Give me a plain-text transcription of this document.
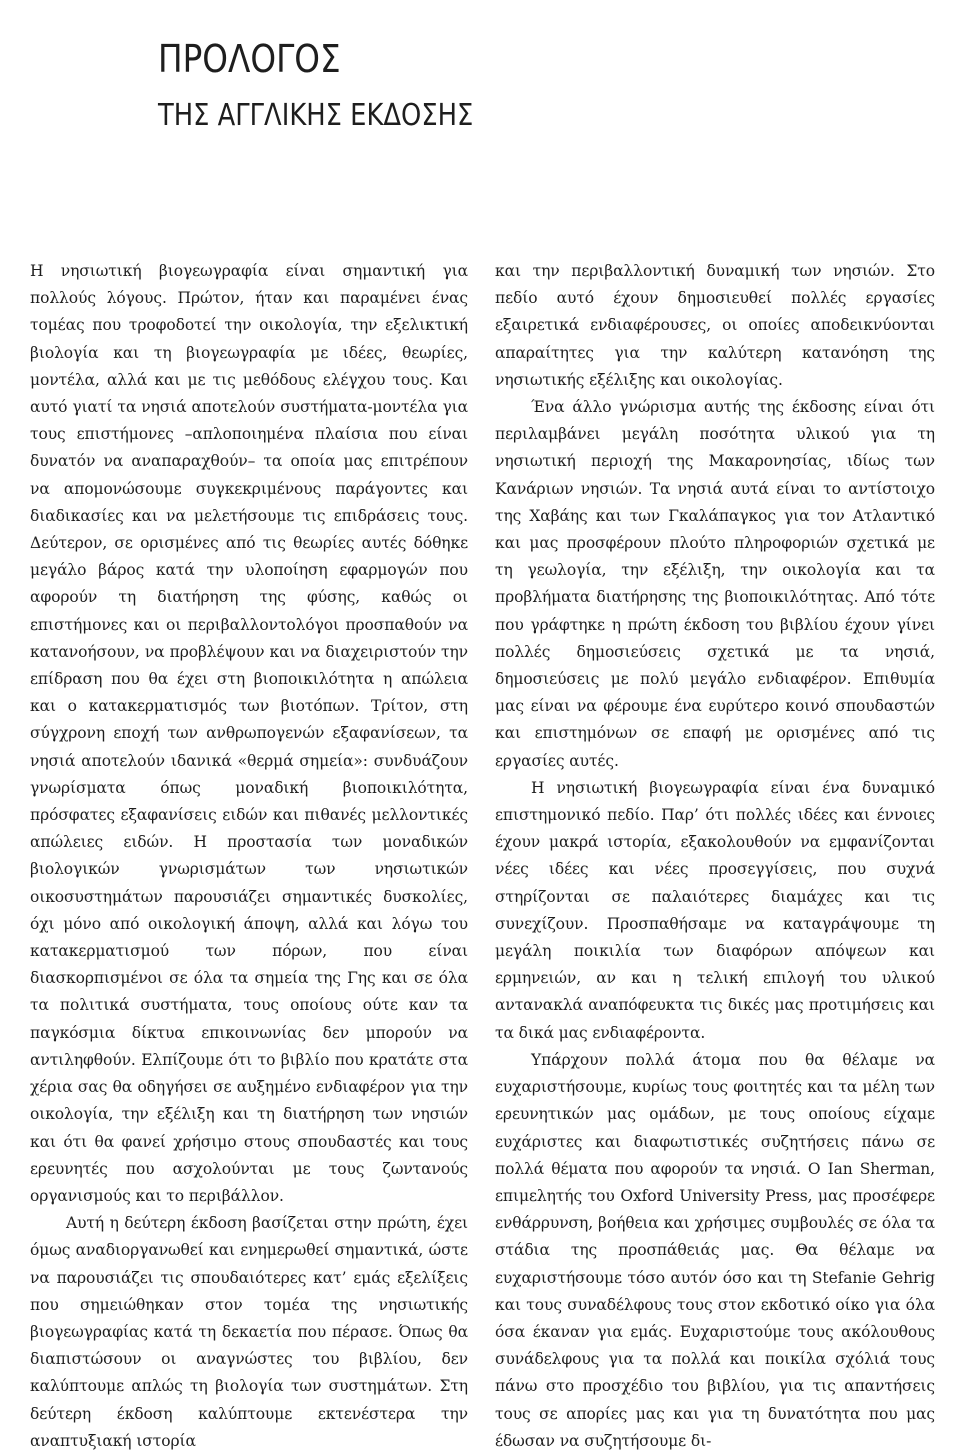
ΠΡΟΛΟΓΟΣ
ΤΗΣ ΑΓΓΛΙΚΗΣ ΕΚΔΟΣΗΣ

Η νησιωτική βιογεωγραφία είναι σημαντική για πολλούς λόγους. Πρώτον, ήταν και παραμένει ένας τομέας που τροφοδοτεί την οικολογία, την εξελικτική βιολογία και τη βιογεωγραφία με ιδέες, θεωρίες, μοντέλα, αλλά και με τις μεθόδους ελέγχου τους. Και αυτό γιατί τα νησιά αποτελούν συστήματα-μοντέλα για τους επιστήμονες –απλοποιημένα πλαίσια που είναι δυνατόν να αναπαραχθούν– τα οποία μας επιτρέπουν να απομονώσουμε συγκεκριμένους παράγοντες και διαδικασίες και να μελετήσουμε τις επιδράσεις τους. Δεύτερον, σε ορισμένες από τις θεωρίες αυτές δόθηκε μεγάλο βάρος κατά την υλοποίηση εφαρμογών που αφορούν τη διατήρηση της φύσης, καθώς οι επιστήμονες και οι περιβαλλοντολόγοι προσπαθούν να κατανοήσουν, να προβλέψουν και να διαχειριστούν την επίδραση που θα έχει στη βιοποικιλότητα η απώλεια και ο κατακερματισμός των βιοτόπων. Τρίτον, στη σύγχρονη εποχή των ανθρωπογενών εξαφανίσεων, τα νησιά αποτελούν ιδανικά «θερμά σημεία»: συνδυάζουν γνωρίσματα όπως μοναδική βιοποικιλότητα, πρόσφατες εξαφανίσεις ειδών και πιθανές μελλοντικές απώλειες ειδών. Η προστασία των μοναδικών βιολογικών γνωρισμάτων των νησιωτικών οικοσυστημάτων παρουσιάζει σημαντικές δυσκολίες, όχι μόνο από οικολογική άποψη, αλλά και λόγω του κατακερματισμού των πόρων, που είναι διασκορπισμένοι σε όλα τα σημεία της Γης και σε όλα τα πολιτικά συστήματα, τους οποίους ούτε καν τα παγκόσμια δίκτυα επικοινωνίας δεν μπορούν να αντιληφθούν. Ελπίζουμε ότι το βιβλίο που κρατάτε στα χέρια σας θα οδηγήσει σε αυξημένο ενδιαφέρον για την οικολογία, την εξέλιξη και τη διατήρηση των νησιών και ότι θα φανεί χρήσιμο στους σπουδαστές και τους ερευνητές που ασχολούνται με τους ζωντανούς οργανισμούς και το περιβάλλον.

Αυτή η δεύτερη έκδοση βασίζεται στην πρώτη, έχει όμως αναδιοργανωθεί και ενημερωθεί σημαντικά, ώστε να παρουσιάζει τις σπουδαιότερες κατ’ εμάς εξελίξεις που σημειώθηκαν στον τομέα της νησιωτικής βιογεωγραφίας κατά τη δεκαετία που πέρασε. Όπως θα διαπιστώσουν οι αναγνώστες του βιβλίου, δεν καλύπτουμε απλώς τη βιολογία των συστημάτων. Στη δεύτερη έκδοση καλύπτουμε εκτενέστερα την αναπτυξιακή ιστορία

και την περιβαλλοντική δυναμική των νησιών. Στο πεδίο αυτό έχουν δημοσιευθεί πολλές εργασίες εξαιρετικά ενδιαφέρουσες, οι οποίες αποδεικνύονται απαραίτητες για την καλύτερη κατανόηση της νησιωτικής εξέλιξης και οικολογίας.

Ένα άλλο γνώρισμα αυτής της έκδοσης είναι ότι περιλαμβάνει μεγάλη ποσότητα υλικού για τη νησιωτική περιοχή της Μακαρονησίας, ιδίως των Κανάριων νησιών. Τα νησιά αυτά είναι το αντίστοιχο της Χαβάης και των Γκαλάπαγκος για τον Ατλαντικό και μας προσφέρουν πλούτο πληροφοριών σχετικά με τη γεωλογία, την εξέλιξη, την οικολογία και τα προβλήματα διατήρησης της βιοποικιλότητας. Από τότε που γράφτηκε η πρώτη έκδοση του βιβλίου έχουν γίνει πολλές δημοσιεύσεις σχετικά με τα νησιά, δημοσιεύσεις με πολύ μεγάλο ενδιαφέρον. Επιθυμία μας είναι να φέρουμε ένα ευρύτερο κοινό σπουδαστών και επιστημόνων σε επαφή με ορισμένες από τις εργασίες αυτές.

Η νησιωτική βιογεωγραφία είναι ένα δυναμικό επιστημονικό πεδίο. Παρ’ ότι πολλές ιδέες και έννοιες έχουν μακρά ιστορία, εξακολουθούν να εμφανίζονται νέες ιδέες και νέες προσεγγίσεις, που συχνά στηρίζονται σε παλαιότερες διαμάχες και τις συνεχίζουν. Προσπαθήσαμε να καταγράψουμε τη μεγάλη ποικιλία των διαφόρων απόψεων και ερμηνειών, αν και η τελική επιλογή του υλικού αντανακλά αναπόφευκτα τις δικές μας προτιμήσεις και τα δικά μας ενδιαφέροντα.

Υπάρχουν πολλά άτομα που θα θέλαμε να ευχαριστήσουμε, κυρίως τους φοιτητές και τα μέλη των ερευνητικών μας ομάδων, με τους οποίους είχαμε ευχάριστες και διαφωτιστικές συζητήσεις πάνω σε πολλά θέματα που αφορούν τα νησιά. Ο Ian Sherman, επιμελητής του Oxford University Press, μας προσέφερε ενθάρρυνση, βοήθεια και χρήσιμες συμβουλές σε όλα τα στάδια της προσπάθειάς μας. Θα θέλαμε να ευχαριστήσουμε τόσο αυτόν όσο και τη Stefanie Gehrig και τους συναδέλφους τους στον εκδοτικό οίκο για όλα όσα έκαναν για εμάς. Ευχαριστούμε τους ακόλουθους συνάδελφους για τα πολλά και ποικίλα σχόλιά τους πάνω στο προσχέδιο του βιβλίου, για τις απαντήσεις τους σε απορίες μας και για τη δυνατότητα που μας έδωσαν να συζητήσουμε δι-
